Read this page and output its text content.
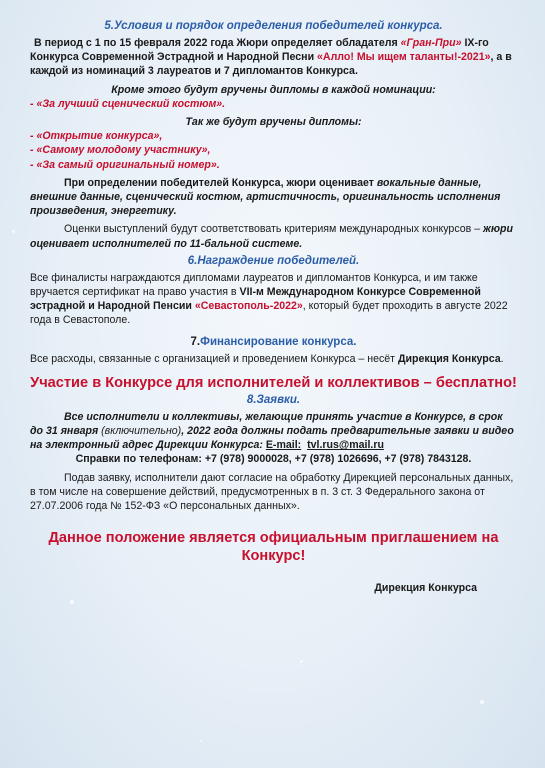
5.Условия и порядок определения победителей конкурса.

В период с 1 по 15 февраля 2022 года Жюри определяет обладателя «Гран-При» IX-го Конкурса Современной Эстрадной и Народной Песни «Алло! Мы ищем таланты!-2021», а в каждой из номинаций 3 лауреатов и 7 дипломантов Конкурса.

Кроме этого будут вручены дипломы в каждой номинации:

- «За лучший сценический костюм».

Так же будут вручены дипломы:

- «Открытие конкурса»,

- «Самому молодому участнику»,

- «За самый оригинальный номер».

При определении победителей Конкурса, жюри оценивает вокальные данные, внешние данные, сценический костюм, артистичность, оригинальность исполнения произведения, энергетику.

Оценки выступлений будут соответствовать критериям международных конкурсов – жюри оценивает исполнителей по 11-бальной системе.

6.Награждение победителей.

Все финалисты награждаются дипломами лауреатов и дипломантов Конкурса, и им также вручается сертификат на право участия в VII-м Международном Конкурсе Современной эстрадной и Народной Пенсии «Севастополь-2022», который будет проходить в августе 2022 года в Севастополе.

7.Финансирование конкурса.

Все расходы, связанные с организацией и проведением Конкурса – несёт Дирекция Конкурса.

Участие в Конкурсе для исполнителей и коллективов – бесплатно!
8.Заявки.

Все исполнители и коллективы, желающие принять участие в Конкурсе, в срок до 31 января (включительно), 2022 года должны подать предварительные заявки и видео на электронный адрес Дирекции Конкурса: E-mail: tvl.rus@mail.ru

Справки по телефонам: +7 (978) 9000028, +7 (978) 1026696, +7 (978) 7843128.

Подав заявку, исполнители дают согласие на обработку Дирекцией персональных данных, в том числе на совершение действий, предусмотренных в п. 3 ст. 3 Федерального закона от 27.07.2006 года № 152-ФЗ «О персональных данных».

Данное положение является официальным приглашением на Конкурс!

Дирекция Конкурса
